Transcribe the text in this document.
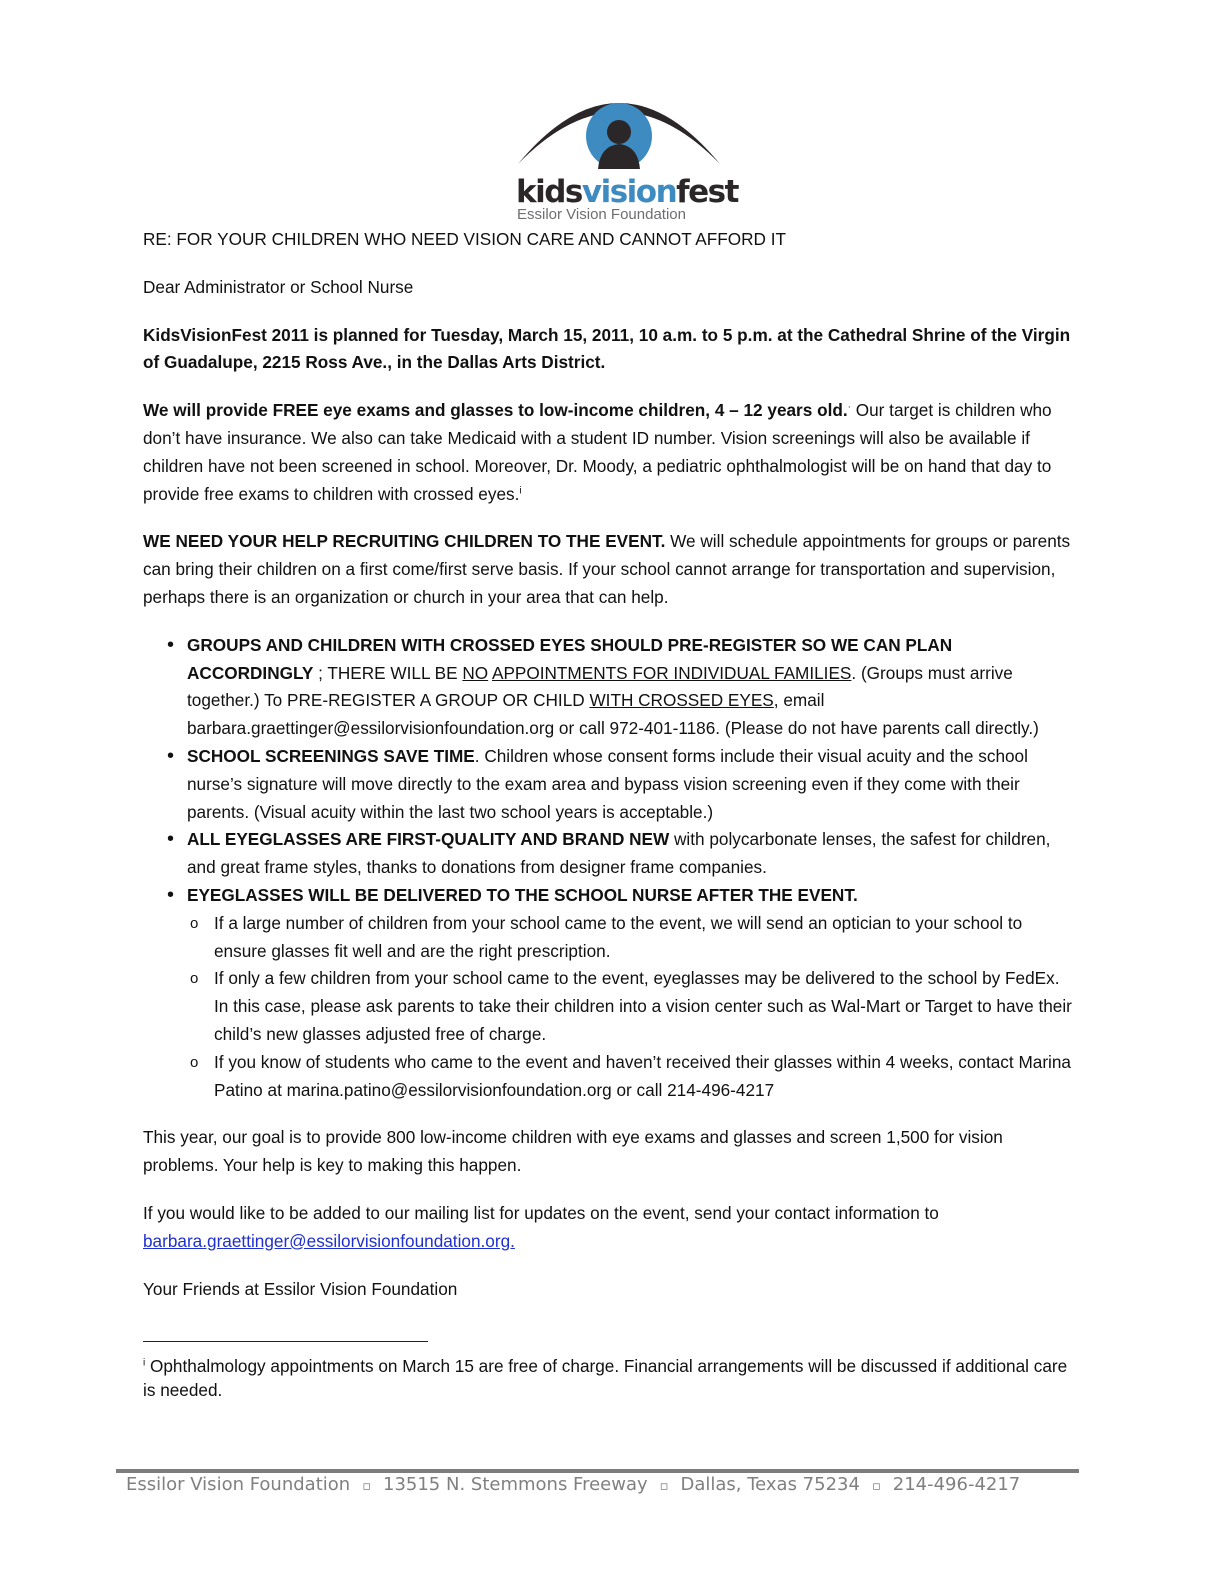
kidsvisionfest
Essilor Vision Foundation

RE: FOR YOUR CHILDREN WHO NEED VISION CARE AND CANNOT AFFORD IT

Dear Administrator or School Nurse

KidsVisionFest 2011 is planned for Tuesday, March 15, 2011, 10 a.m. to 5 p.m. at the Cathedral Shrine of the Virgin of Guadalupe, 2215 Ross Ave., in the Dallas Arts District.

We will provide FREE eye exams and glasses to low-income children, 4 – 12 years old.· Our target is children who don’t have insurance. We also can take Medicaid with a student ID number. Vision screenings will also be available if children have not been screened in school. Moreover, Dr. Moody, a pediatric ophthalmologist will be on hand that day to provide free exams to children with crossed eyes.$^i$

WE NEED YOUR HELP RECRUITING CHILDREN TO THE EVENT. We will schedule appointments for groups or parents can bring their children on a first come/first serve basis. If your school cannot arrange for transportation and supervision, perhaps there is an organization or church in your area that can help.

• GROUPS AND CHILDREN WITH CROSSED EYES SHOULD PRE-REGISTER SO WE CAN PLAN ACCORDINGLY ; THERE WILL BE NO APPOINTMENTS FOR INDIVIDUAL FAMILIES. (Groups must arrive together.) To PRE-REGISTER A GROUP OR CHILD WITH CROSSED EYES, email barbara.graettinger@essilorvisionfoundation.org or call 972-401-1186. (Please do not have parents call directly.)
• SCHOOL SCREENINGS SAVE TIME. Children whose consent forms include their visual acuity and the school nurse’s signature will move directly to the exam area and bypass vision screening even if they come with their parents. (Visual acuity within the last two school years is acceptable.)
• ALL EYEGLASSES ARE FIRST-QUALITY AND BRAND NEW with polycarbonate lenses, the safest for children, and great frame styles, thanks to donations from designer frame companies.
• EYEGLASSES WILL BE DELIVERED TO THE SCHOOL NURSE AFTER THE EVENT.
o If a large number of children from your school came to the event, we will send an optician to your school to ensure glasses fit well and are the right prescription.
o If only a few children from your school came to the event, eyeglasses may be delivered to the school by FedEx. In this case, please ask parents to take their children into a vision center such as Wal-Mart or Target to have their child’s new glasses adjusted free of charge.
o If you know of students who came to the event and haven’t received their glasses within 4 weeks, contact Marina Patino at marina.patino@essilorvisionfoundation.org or call 214-496-4217

This year, our goal is to provide 800 low-income children with eye exams and glasses and screen 1,500 for vision problems. Your help is key to making this happen.

If you would like to be added to our mailing list for updates on the event, send your contact information to
barbara.graettinger@essilorvisionfoundation.org.

Your Friends at Essilor Vision Foundation

$^i$ Ophthalmology appointments on March 15 are free of charge. Financial arrangements will be discussed if additional care is needed.
Essilor Vision Foundation ▫ 13515 N. Stemmons Freeway ▫ Dallas, Texas 75234 ▫ 214-496-4217
